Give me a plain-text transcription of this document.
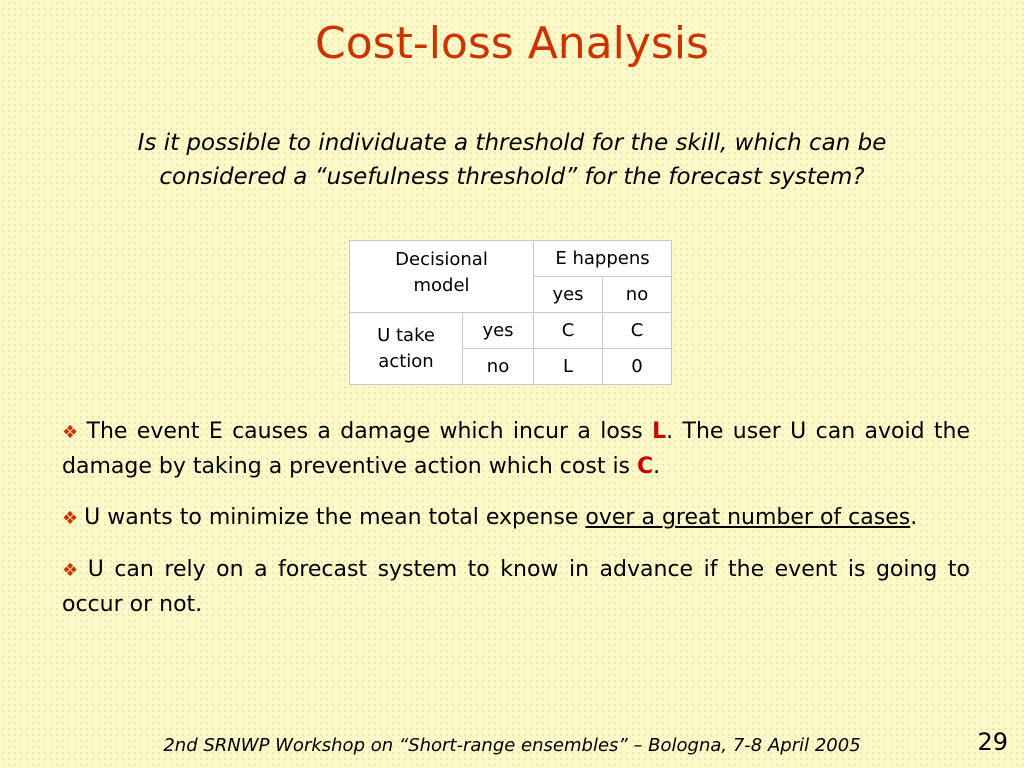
Cost-loss Analysis
Is it possible to individuate a threshold for the skill, which can be
considered a “usefulness threshold” for the forecast system?
Decisional
model		E happens	
		yes	no

U take
action	yes	C	C
	no	L	0
❖ The event E causes a damage which incur a loss L. The user U can avoid the damage by taking a preventive action which cost is C.
❖ U wants to minimize the mean total expense over a great number of cases.
❖ U can rely on a forecast system to know in advance if the event is going to occur or not.
2nd SRNWP Workshop on “Short-range ensembles” – Bologna, 7-8 April 2005	29
